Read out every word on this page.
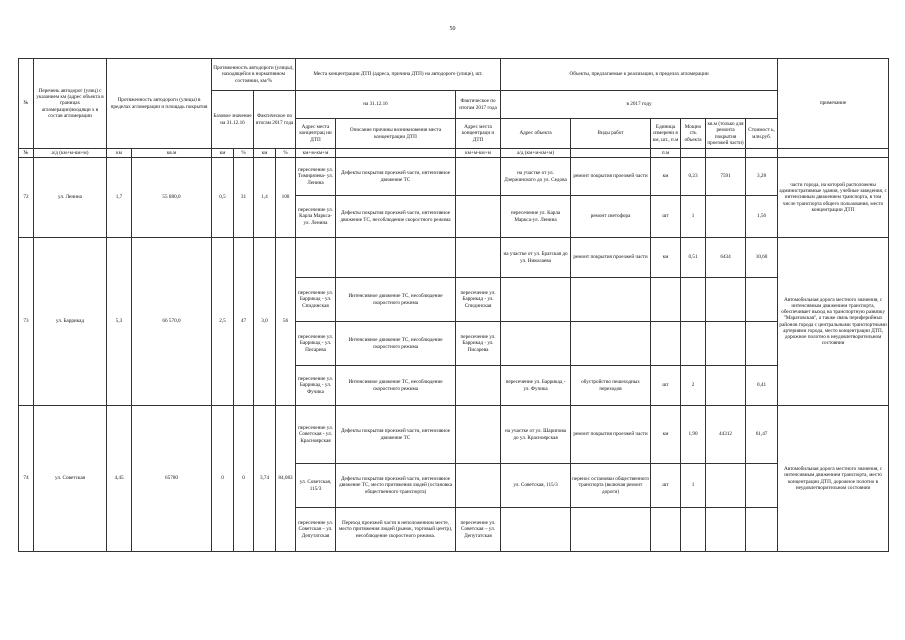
50
№	Перечень автодорог (улиц) с указанием км (адрес объекта в границах агломерации)входящи х в состав агломерации	Протяженность автодороги (улицы) в пределах агломерации и площадь покрытия		Протяженность автодороги (улицы), находящейся в нормативном состоянии, км/%				Места концентрации ДТП (адреса, причина ДТП) на автодороге (улице), шт.			Объекты, предлагаемые к реализации, в пределах агломерации						примечание
				Базовое значение на 31.12.16		Фактическое по итогам 2017 года		на 31.12.16		Фактическое по итогам 2017 года	в 2017 году						
								Адрес места концентрац ии ДТП	Описание причины возникновения места концентрации ДТП	Адрес места концентраци и ДТП	Адрес объекта	Виды работ	Единица измерени я км, шт., п.м	Мощно сть объекта	кв.м (только для ремонта покрытия проезжей части)	Стоимост ь, млн.руб.	
№	а/д (км+м-км+м)	км	кв.м	км	%	км	%	км+м-км+м		км+м-км+м	а/д (км+м-км+м)		п.м				
72	ул. Ленина	1,7	55 880,0	0,5	31	1,4	100	пересечение ул. Тимирязева- ул. Ленина	Дефекты покрытия проезжей части, интенсивное движение ТС		на участке от ул. Дзержинского до ул. Седова	ремонт покрытия проезжей части	км	0,23	7591	3,28	части города, на которой расположены административные здания, учебные заведения, с интенсивным движением транспорта, в том числе транспорта общего пользования, место концентрации ДТП
								пересечение ул. Карла Маркса-ул. Ленина	Дефекты покрытия проезжей части, интенсивное движение ТС, несоблюдение скоростного режима		пересечение ул. Карла Маркса-ул. Ленина	ремонт светофора	шт	1		1,56	
73	ул. Баррикад	5,3	66 570,0	2,5	47	3,0	56				на участке от ул. Братская до ул. Николаева	ремонт покрытия проезжей части	км	0,51	6434	10,60	Автомобильная дорога местного значения, с интенсивным движением транспорта, обеспечивает выход на транспортную развязку "Маратовская", а также связь периферийных районов города с центральными транспортными артериями города, место концентрации ДТП, дорожное полотно в неудовлетворительном состоянии
								пересечение ул. Баррикад - ул. Спидинская	Интенсивное движение ТС, несоблюдение скоростного режима	пересечение ул. Баррикад - ул. Спидинская							
								пересечение ул. Баррикад - ул. Писарева	Интенсивное движение ТС, несоблюдение скоростного режима	пересечение ул. Баррикад - ул. Писарева							
								пересечение ул. Баррикад - ул. Фучика	Интенсивное движение ТС, несоблюдение скоростного режима		пересечение ул. Баррикад - ул. Фучика	обустройство пешеходных переходов	шт	2		0,41	
74	ул. Советская	4,45	65700	0	0	3,74	84,083	пересечение ул. Советская - ул. Красноярская	Дефекты покрытия проезжей части, интенсивное движение ТС		на участке от ул. Шарипова до ул. Красноярская	ремонт покрытия проезжей части	км	1,90	44312	61,47	Автомобильная дорога местного значения, с интенсивным движением транспорта, место концентрации ДТП, дорожное полотно в неудовлетворительном состоянии
								ул. Советская, 115/3	Дефекты покрытия проезжей части, интенсивное движение ТС, место притяжения людей (остановка общественного транспорта)		ул. Советская, 115/3	перенос остановки общественного транспорта (включая ремонт дороги)	шт	1			
								пересечение ул. Советская – ул. Депутатская	Переход проезжей части в неположенном месте, место притяжения людей (рынок, торговый центр), несоблюдение скоростного режима.	пересечение ул. Советская – ул. Депутатская							
